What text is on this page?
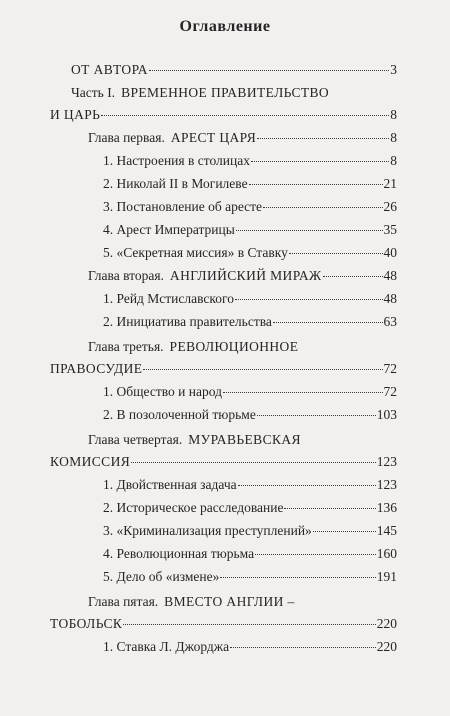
Оглавление
ОТ АВТОРА	3
Часть I. ВРЕМЕННОЕ ПРАВИТЕЛЬСТВО
И ЦАРЬ	8
Глава первая. АРЕСТ ЦАРЯ	8
1. Настроения в столицах	8
2. Николай II в Могилеве	21
3. Постановление об аресте	26
4. Арест Императрицы	35
5. «Секретная миссия» в Ставку	40
Глава вторая. АНГЛИЙСКИЙ МИРАЖ	48
1. Рейд Мстиславского	48
2. Инициатива правительства	63
Глава третья. РЕВОЛЮЦИОННОЕ
ПРАВОСУДИЕ	72
1. Общество и народ	72
2. В позолоченной тюрьме	103
Глава четвертая. МУРАВЬЕВСКАЯ
КОМИССИЯ	123
1. Двойственная задача	123
2. Историческое расследование	136
3. «Криминализация преступлений»	145
4. Революционная тюрьма	160
5. Дело об «измене»	191
Глава пятая. ВМЕСТО АНГЛИИ –
ТОБОЛЬСК	220
1. Ставка Л. Джорджа	220
